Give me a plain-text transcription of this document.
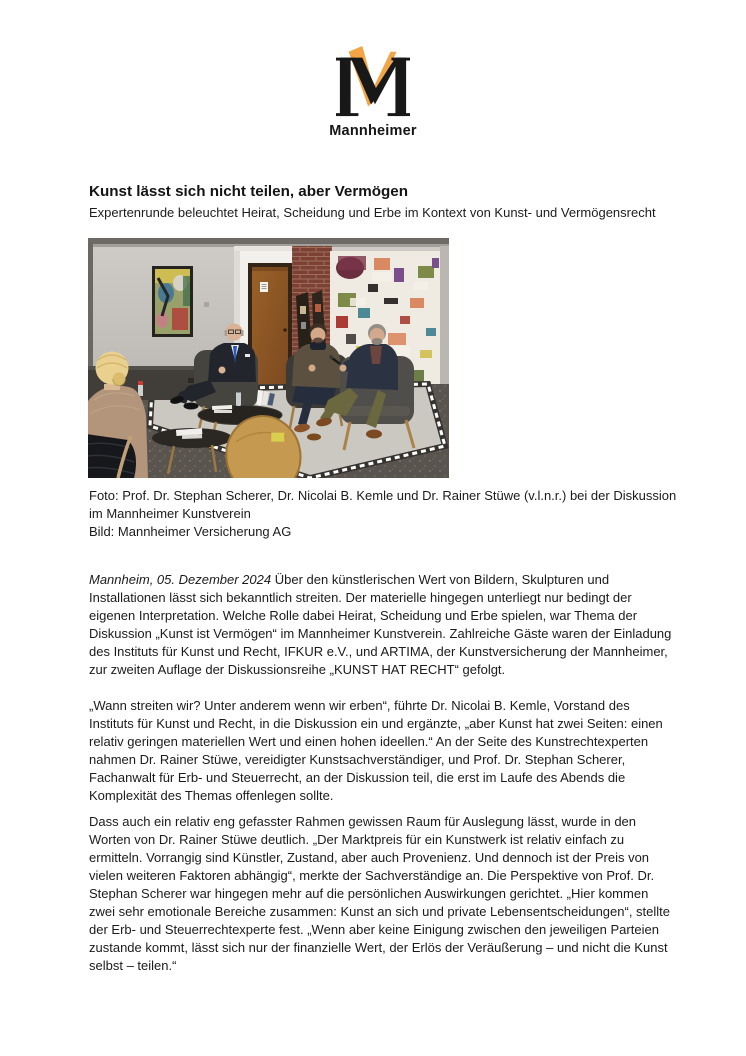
Mannheimer
Kunst lässt sich nicht teilen, aber Vermögen
Expertenrunde beleuchtet Heirat, Scheidung und Erbe im Kontext von Kunst- und Vermögensrecht
Foto: Prof. Dr. Stephan Scherer, Dr. Nicolai B. Kemle und Dr. Rainer Stüwe (v.l.n.r.) bei der Diskussion
im Mannheimer Kunstverein
Bild: Mannheimer Versicherung AG

Mannheim, 05. Dezember 2024 Über den künstlerischen Wert von Bildern, Skulpturen und Installationen lässt sich bekanntlich streiten. Der materielle hingegen unterliegt nur bedingt der eigenen Interpretation. Welche Rolle dabei Heirat, Scheidung und Erbe spielen, war Thema der Diskussion „Kunst ist Vermögen“ im Mannheimer Kunstverein. Zahlreiche Gäste waren der Einladung des Instituts für Kunst und Recht, IFKUR e.V., und ARTIMA, der Kunstversicherung der Mannheimer, zur zweiten Auflage der Diskussionsreihe „KUNST HAT RECHT“ gefolgt.

„Wann streiten wir? Unter anderem wenn wir erben“, führte Dr. Nicolai B. Kemle, Vorstand des Instituts für Kunst und Recht, in die Diskussion ein und ergänzte, „aber Kunst hat zwei Seiten: einen relativ geringen materiellen Wert und einen hohen ideellen.“ An der Seite des Kunstrechtexperten nahmen Dr. Rainer Stüwe, vereidigter Kunstsachverständiger, und Prof. Dr. Stephan Scherer, Fachanwalt für Erb- und Steuerrecht, an der Diskussion teil, die erst im Laufe des Abends die Komplexität des Themas offenlegen sollte.

Dass auch ein relativ eng gefasster Rahmen gewissen Raum für Auslegung lässt, wurde in den Worten von Dr. Rainer Stüwe deutlich. „Der Marktpreis für ein Kunstwerk ist relativ einfach zu ermitteln. Vorrangig sind Künstler, Zustand, aber auch Provenienz. Und dennoch ist der Preis von vielen weiteren Faktoren abhängig“, merkte der Sachverständige an. Die Perspektive von Prof. Dr. Stephan Scherer war hingegen mehr auf die persönlichen Auswirkungen gerichtet. „Hier kommen zwei sehr emotionale Bereiche zusammen: Kunst an sich und private Lebensentscheidungen“, stellte der Erb- und Steuerrechtexperte fest. „Wenn aber keine Einigung zwischen den jeweiligen Parteien zustande kommt, lässt sich nur der finanzielle Wert, der Erlös der Veräußerung – und nicht die Kunst selbst – teilen.“
